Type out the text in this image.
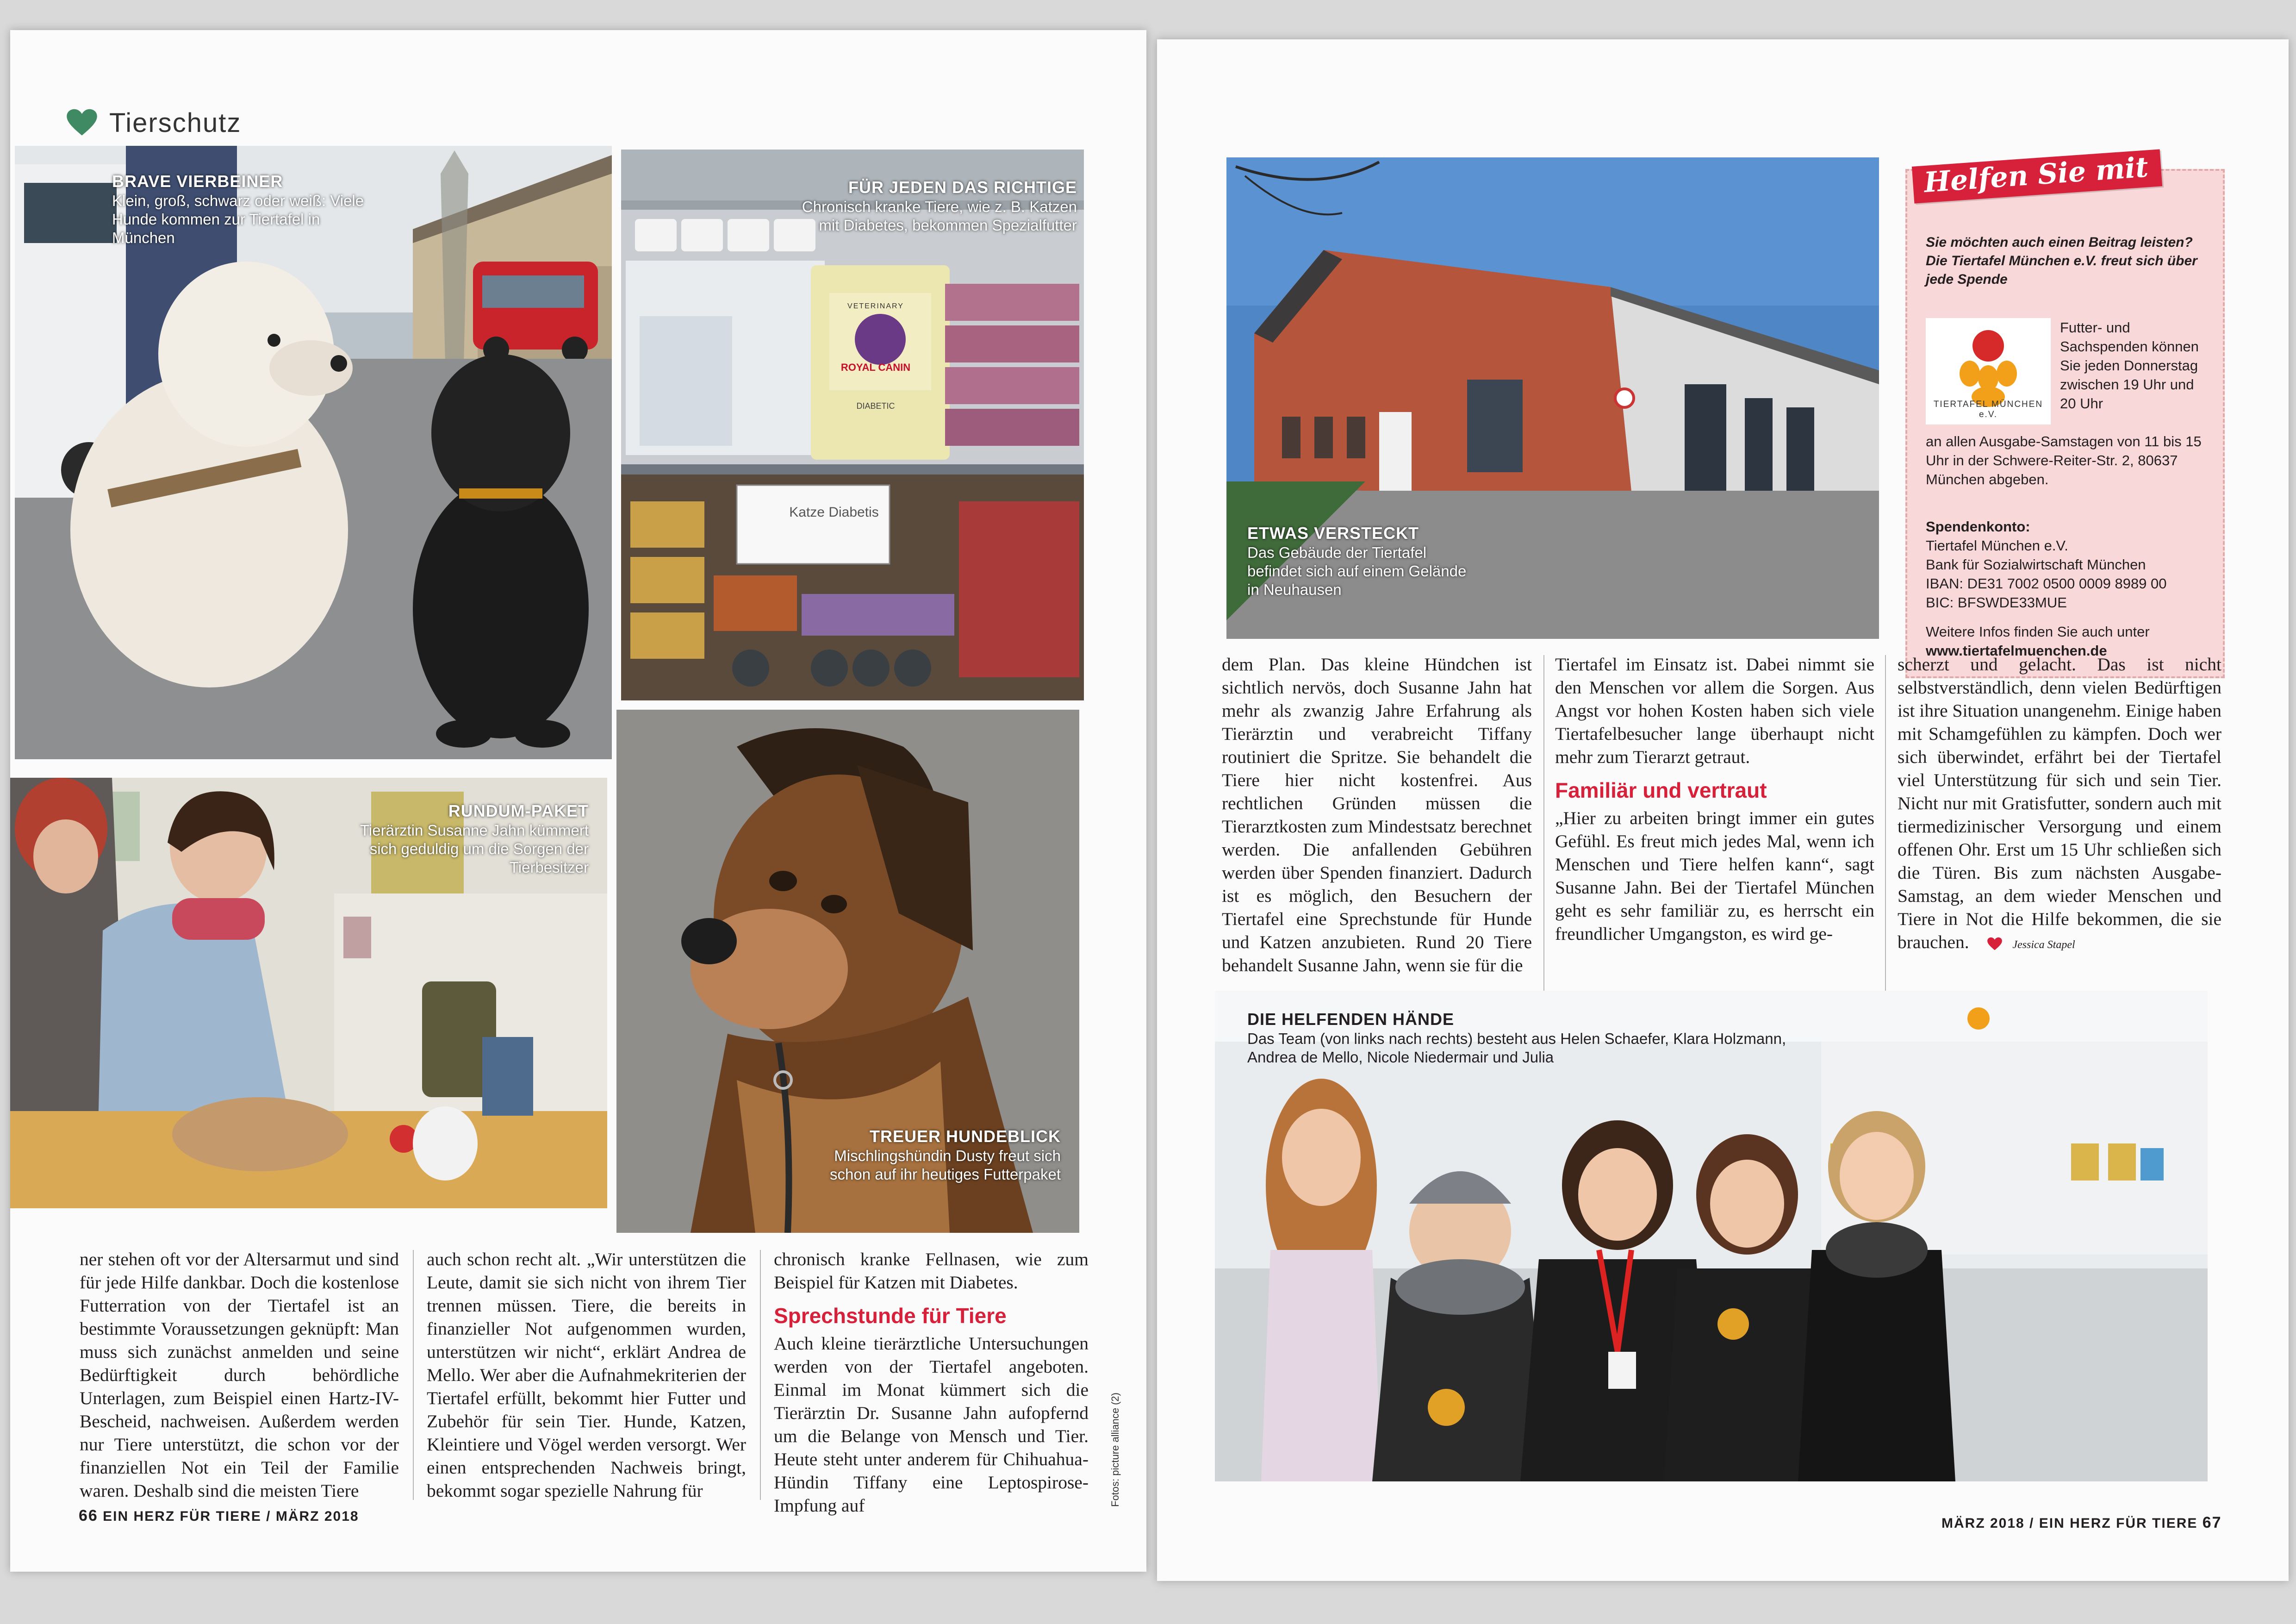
Tierschutz
BRAVE VIERBEINER
Klein, groß, schwarz oder weiß: Viele Hunde kommen zur Tiertafel in München
VETERINARY
ROYAL CANIN
DIABETIC
Katze Diabetis
FÜR JEDEN DAS RICHTIGE
Chronisch kranke Tiere, wie z. B. Katzen mit Diabetes, bekommen Spezialfutter
RUNDUM-PAKET
Tierärztin Susanne Jahn kümmert sich geduldig um die Sorgen der Tierbesitzer
TREUER HUNDEBLICK
Mischlingshündin Dusty freut sich schon auf ihr heutiges Futterpaket

ner stehen oft vor der Altersarmut und sind für jede Hilfe dankbar. Doch die kostenlose Futterration von der Tiertafel ist an bestimmte Voraussetzungen geknüpft: Man muss sich zunächst anmelden und seine Bedürftigkeit durch behördliche Unterlagen, zum Beispiel einen Hartz-IV-Bescheid, nachweisen. Außerdem werden nur Tiere unterstützt, die schon vor der finanziellen Not ein Teil der Familie waren. Deshalb sind die meisten Tiere

auch schon recht alt. „Wir unterstützen die Leute, damit sie sich nicht von ihrem Tier trennen müssen. Tiere, die bereits in finanzieller Not aufgenommen wurden, unterstützen wir nicht“, erklärt Andrea de Mello. Wer aber die Aufnahmekriterien der Tiertafel erfüllt, bekommt hier Futter und Zubehör für sein Tier. Hunde, Katzen, Kleintiere und Vögel werden versorgt. Wer einen entsprechenden Nachweis bringt, bekommt sogar spezielle Nahrung für

chronisch kranke Fellnasen, wie zum Beispiel für Katzen mit Diabetes.

Sprechstunde für Tiere

Auch kleine tierärztliche Untersuchungen werden von der Tiertafel angeboten. Einmal im Monat kümmert sich die Tierärztin Dr. Susanne Jahn aufopfernd um die Belange von Mensch und Tier. Heute steht unter anderem für Chihuahua-Hündin Tiffany eine Leptospirose-Impfung auf	Fotos: picture alliance (2)
66 EIN HERZ FÜR TIERE / MÄRZ 2018
ETWAS VERSTECKT
Das Gebäude der Tiertafel befindet sich auf einem Gelände in Neuhausen
Helfen Sie mit
Sie möchten auch einen Beitrag leisten? Die Tiertafel München e.V. freut sich über jede Spende
TIERTAFEL MÜNCHEN e.V.
Futter- und Sachspenden können Sie jeden Donnerstag zwischen 19 Uhr und 20 Uhr
an allen Ausgabe-Samstagen von 11 bis 15 Uhr in der Schwere-Reiter-Str. 2, 80637 München abgeben.
Spendenkonto:
Tiertafel München e.V.
Bank für Sozialwirtschaft München
IBAN: DE31 7002 0500 0009 8989 00
BIC: BFSWDE33MUE
Weitere Infos finden Sie auch unter
www.tiertafelmuenchen.de

dem Plan. Das kleine Hündchen ist sichtlich nervös, doch Susanne Jahn hat mehr als zwanzig Jahre Erfahrung als Tierärztin und verabreicht Tiffany routiniert die Spritze. Sie behandelt die Tiere hier nicht kostenfrei. Aus rechtlichen Gründen müssen die Tierarztkosten zum Mindestsatz berechnet werden. Die anfallenden Gebühren werden über Spenden finanziert. Dadurch ist es möglich, den Besuchern der Tiertafel eine Sprechstunde für Hunde und Katzen anzubieten. Rund 20 Tiere behandelt Susanne Jahn, wenn sie für die

Tiertafel im Einsatz ist. Dabei nimmt sie den Menschen vor allem die Sorgen. Aus Angst vor hohen Kosten haben sich viele Tiertafelbesucher lange überhaupt nicht mehr zum Tierarzt getraut.

Familiär und vertraut

„Hier zu arbeiten bringt immer ein gutes Gefühl. Es freut mich jedes Mal, wenn ich Menschen und Tiere helfen kann“, sagt Susanne Jahn. Bei der Tiertafel München geht es sehr familiär zu, es herrscht ein freundlicher Umgangston, es wird ge-

scherzt und gelacht. Das ist nicht selbstverständlich, denn vielen Bedürftigen ist ihre Situation unangenehm. Einige haben mit Schamgefühlen zu kämpfen. Doch wer sich überwindet, erfährt bei der Tiertafel viel Unterstützung für sich und sein Tier. Nicht nur mit Gratisfutter, sondern auch mit tiermedizinischer Versorgung und einem offenen Ohr. Erst um 15 Uhr schließen sich die Türen. Bis zum nächsten Ausgabe-Samstag, an dem wieder Menschen und Tiere in Not die Hilfe bekommen, die sie brauchen.	Jessica Stapel

DIE HELFENDEN HÄNDE
Das Team (von links nach rechts) besteht aus Helen Schaefer, Klara Holzmann, Andrea de Mello, Nicole Niedermair und Julia
MÄRZ 2018 / EIN HERZ FÜR TIERE 67
